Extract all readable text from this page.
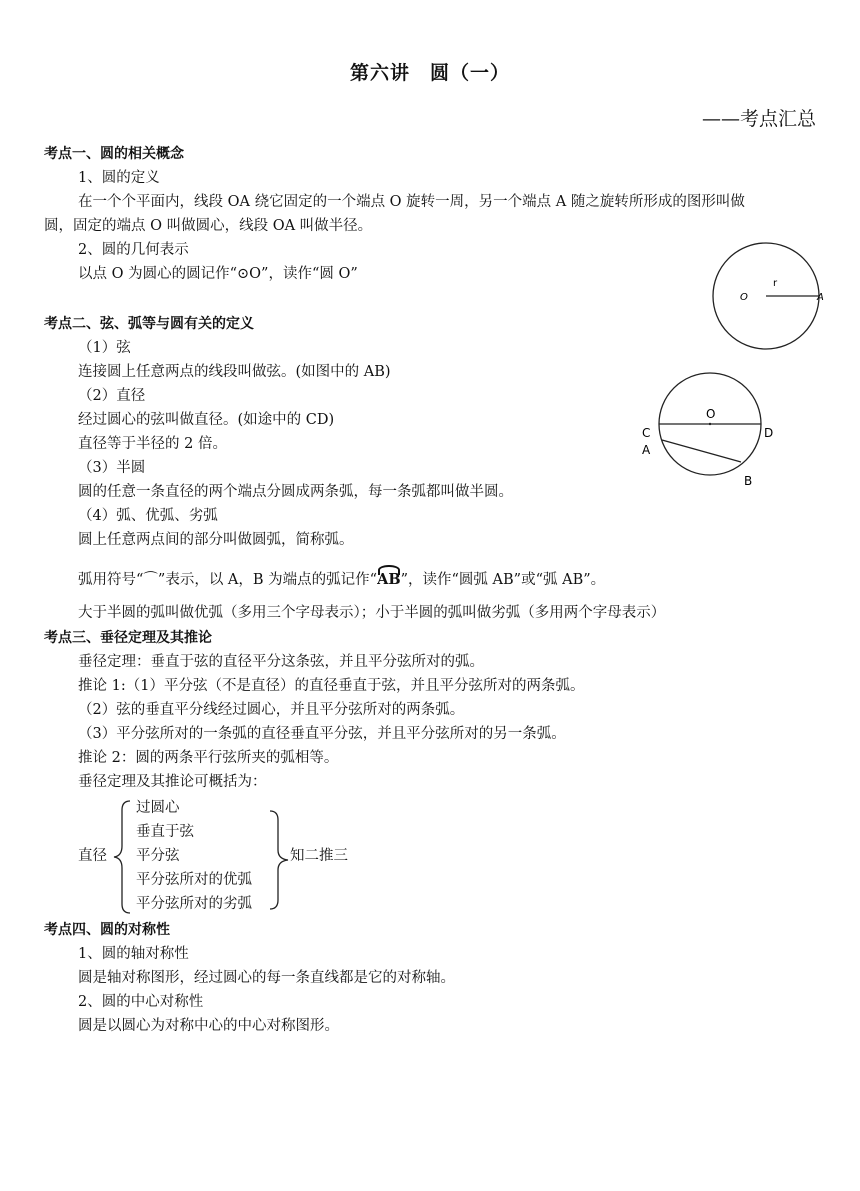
第六讲　圆（一）
——考点汇总
考点一、圆的相关概念
1、圆的定义
在一个个平面内，线段 OA 绕它固定的一个端点 O 旋转一周，另一个端点 A 随之旋转所形成的图形叫做
圆，固定的端点 O 叫做圆心，线段 OA 叫做半径。
2、圆的几何表示
以点 O 为圆心的圆记作“⊙O”，读作“圆 O”
O
r
A
考点二、弦、弧等与圆有关的定义
（1）弦
连接圆上任意两点的线段叫做弦。(如图中的 AB)
（2）直径
经过圆心的弦叫做直径。(如途中的 CD)
直径等于半径的 2 倍。
（3）半圆
圆的任意一条直径的两个端点分圆成两条弧，每一条弧都叫做半圆。
（4）弧、优弧、劣弧
圆上任意两点间的部分叫做圆弧，简称弧。
弧用符号“⌒”表示，以 A，B 为端点的弧记作“AB”，读作“圆弧 AB”或“弧 AB”。
大于半圆的弧叫做优弧（多用三个字母表示）；小于半圆的弧叫做劣弧（多用两个字母表示）
O
C	D
A
B
考点三、垂径定理及其推论
垂径定理：垂直于弦的直径平分这条弦，并且平分弦所对的弧。
推论 1:（1）平分弦（不是直径）的直径垂直于弦，并且平分弦所对的两条弧。
（2）弦的垂直平分线经过圆心，并且平分弦所对的两条弧。
（3）平分弦所对的一条弧的直径垂直平分弦，并且平分弦所对的另一条弧。
推论 2：圆的两条平行弦所夹的弧相等。
垂径定理及其推论可概括为：
直径
过圆心
垂直于弦
平分弦
平分弦所对的优弧
平分弦所对的劣弧
知二推三
考点四、圆的对称性
1、圆的轴对称性
圆是轴对称图形，经过圆心的每一条直线都是它的对称轴。
2、圆的中心对称性
圆是以圆心为对称中心的中心对称图形。
